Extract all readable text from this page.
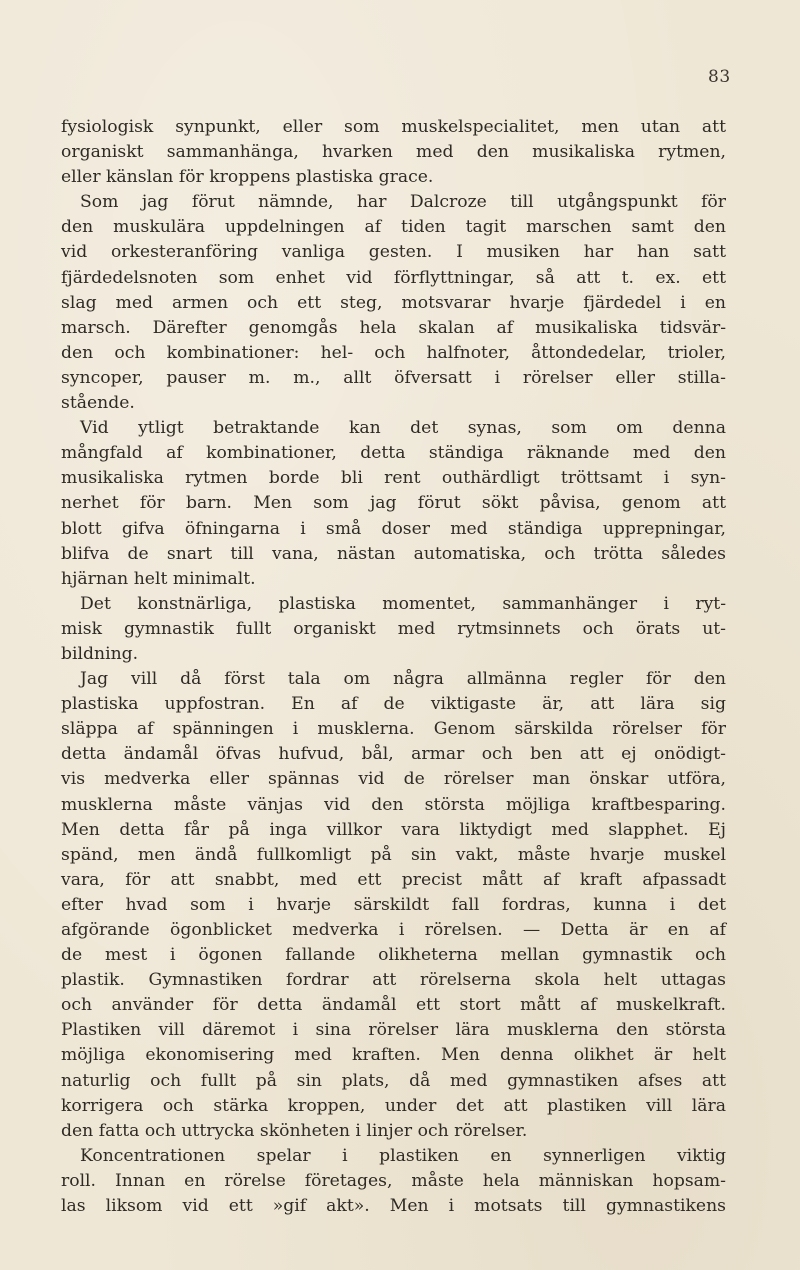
83
fysiologisk synpunkt, eller som muskelspecialitet, men utan att
organiskt sammanhänga, hvarken med den musikaliska rytmen,
eller känslan för kroppens plastiska grace.
Som jag förut nämnde, har Dalcroze till utgångspunkt för
den muskulära uppdelningen af tiden tagit marschen samt den
vid orkesteranföring vanliga gesten. I musiken har han satt
fjärdedelsnoten som enhet vid förflyttningar, så att t. ex. ett
slag med armen och ett steg, motsvarar hvarje fjärdedel i en
marsch. Därefter genomgås hela skalan af musikaliska tidsvär-
den och kombinationer: hel- och halfnoter, åttondedelar, trioler,
syncoper, pauser m. m., allt öfversatt i rörelser eller stilla-
stående.
Vid ytligt betraktande kan det synas, som om denna
mångfald af kombinationer, detta ständiga räknande med den
musikaliska rytmen borde bli rent outhärdligt tröttsamt i syn-
nerhet för barn. Men som jag förut sökt påvisa, genom att
blott gifva öfningarna i små doser med ständiga upprepningar,
blifva de snart till vana, nästan automatiska, och trötta således
hjärnan helt minimalt.
Det konstnärliga, plastiska momentet, sammanhänger i ryt-
misk gymnastik fullt organiskt med rytmsinnets och örats ut-
bildning.
Jag vill då först tala om några allmänna regler för den
plastiska uppfostran. En af de viktigaste är, att lära sig
släppa af spänningen i musklerna. Genom särskilda rörelser för
detta ändamål öfvas hufvud, bål, armar och ben att ej onödigt-
vis medverka eller spännas vid de rörelser man önskar utföra,
musklerna måste vänjas vid den största möjliga kraftbesparing.
Men detta får på inga villkor vara liktydigt med slapphet. Ej
spänd, men ändå fullkomligt på sin vakt, måste hvarje muskel
vara, för att snabbt, med ett precist mått af kraft afpassadt
efter hvad som i hvarje särskildt fall fordras, kunna i det
afgörande ögonblicket medverka i rörelsen. — Detta är en af
de mest i ögonen fallande olikheterna mellan gymnastik och
plastik. Gymnastiken fordrar att rörelserna skola helt uttagas
och använder för detta ändamål ett stort mått af muskelkraft.
Plastiken vill däremot i sina rörelser lära musklerna den största
möjliga ekonomisering med kraften. Men denna olikhet är helt
naturlig och fullt på sin plats, då med gymnastiken afses att
korrigera och stärka kroppen, under det att plastiken vill lära
den fatta och uttrycka skönheten i linjer och rörelser.
Koncentrationen spelar i plastiken en synnerligen viktig
roll. Innan en rörelse företages, måste hela människan hopsam-
las liksom vid ett »gif akt». Men i motsats till gymnastikens
